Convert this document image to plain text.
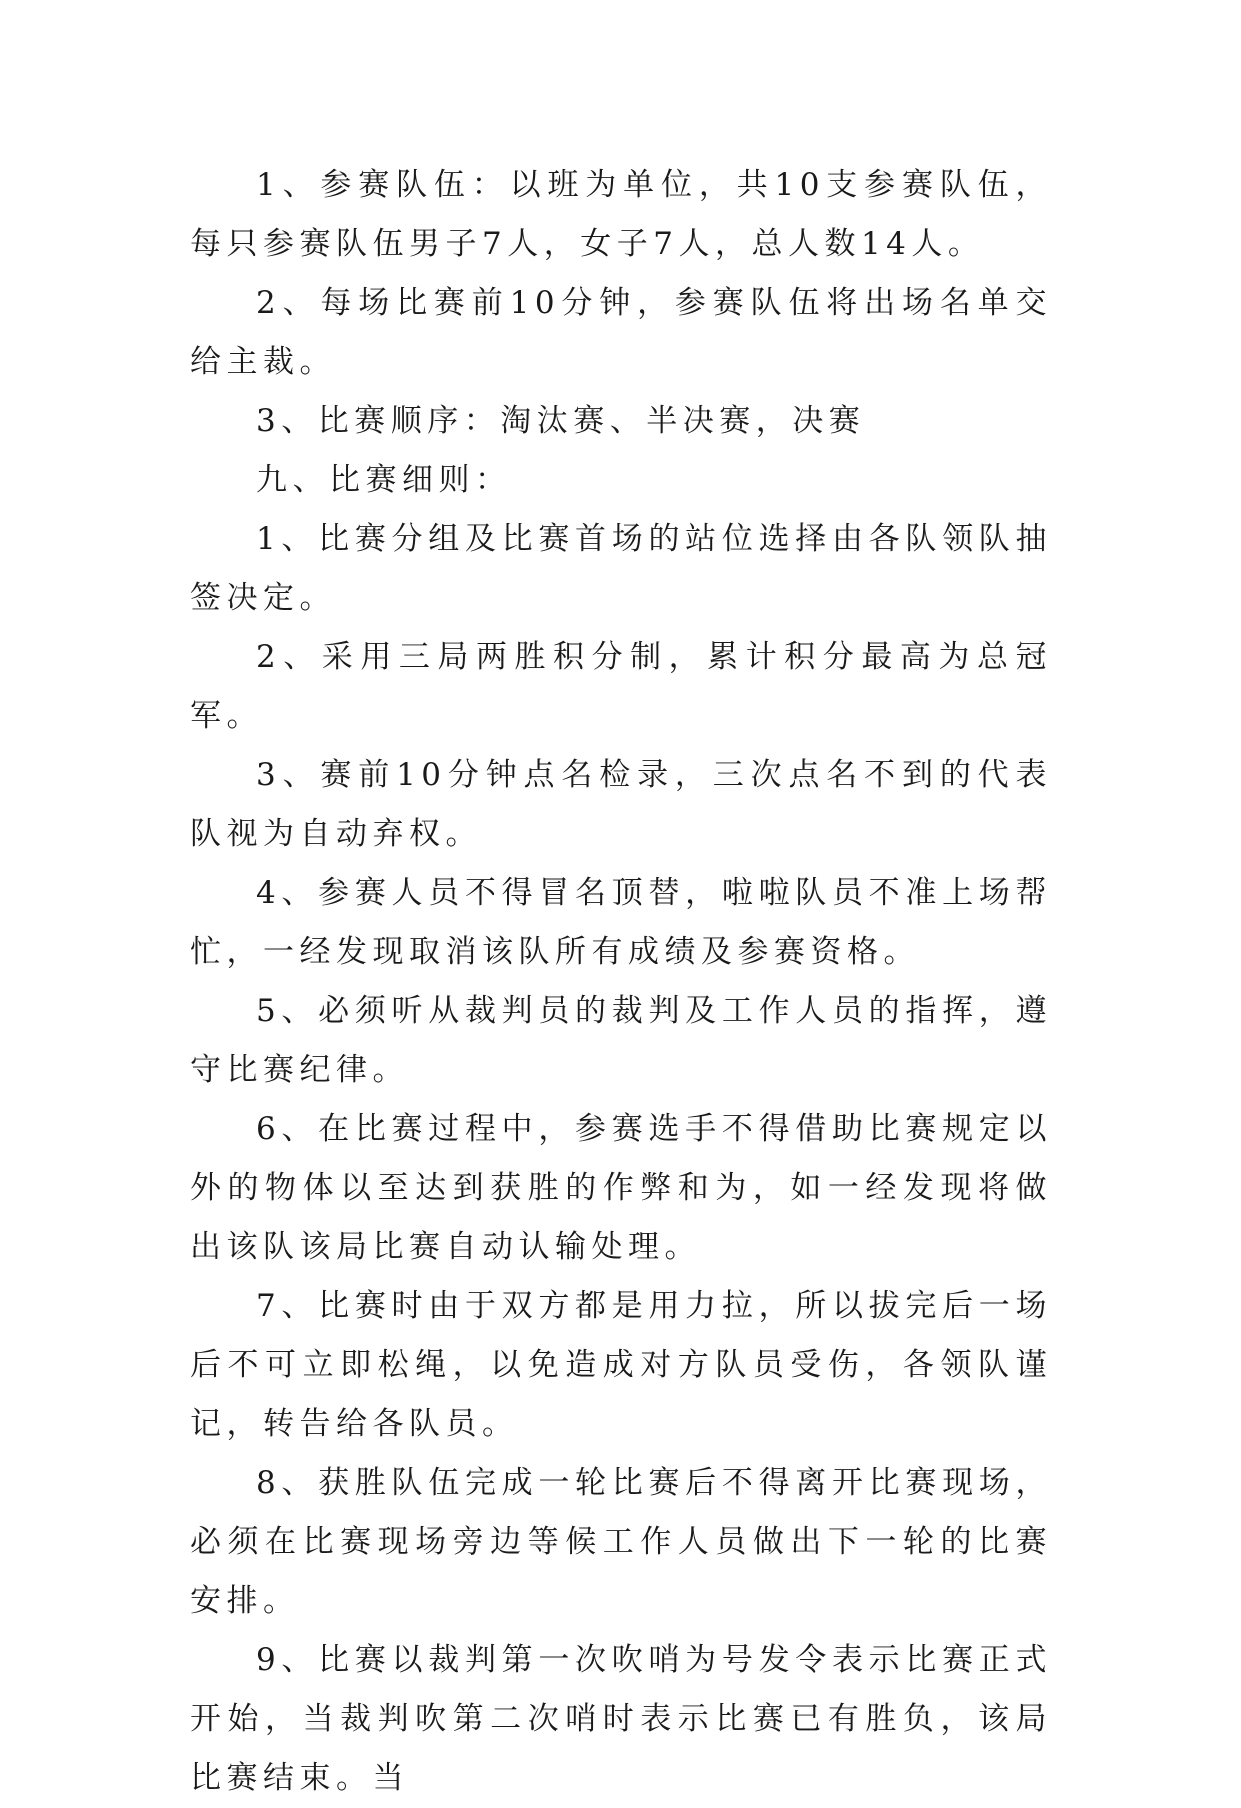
1、参赛队伍：以班为单位，共10支参赛队伍，每只参赛队伍男子7人，女子7人，总人数14人。

2、每场比赛前10分钟，参赛队伍将出场名单交给主裁。

3、比赛顺序：淘汰赛、半决赛，决赛

九、比赛细则：

1、比赛分组及比赛首场的站位选择由各队领队抽签决定。

2、采用三局两胜积分制，累计积分最高为总冠军。

3、赛前10分钟点名检录，三次点名不到的代表队视为自动弃权。

4、参赛人员不得冒名顶替，啦啦队员不准上场帮忙，一经发现取消该队所有成绩及参赛资格。

5、必须听从裁判员的裁判及工作人员的指挥，遵守比赛纪律。

6、在比赛过程中，参赛选手不得借助比赛规定以外的物体以至达到获胜的作弊和为，如一经发现将做出该队该局比赛自动认输处理。

7、比赛时由于双方都是用力拉，所以拔完后一场后不可立即松绳，以免造成对方队员受伤，各领队谨记，转告给各队员。

8、获胜队伍完成一轮比赛后不得离开比赛现场，必须在比赛现场旁边等候工作人员做出下一轮的比赛安排。

9、比赛以裁判第一次吹哨为号发令表示比赛正式开始，当裁判吹第二次哨时表示比赛已有胜负，该局比赛结束。当
